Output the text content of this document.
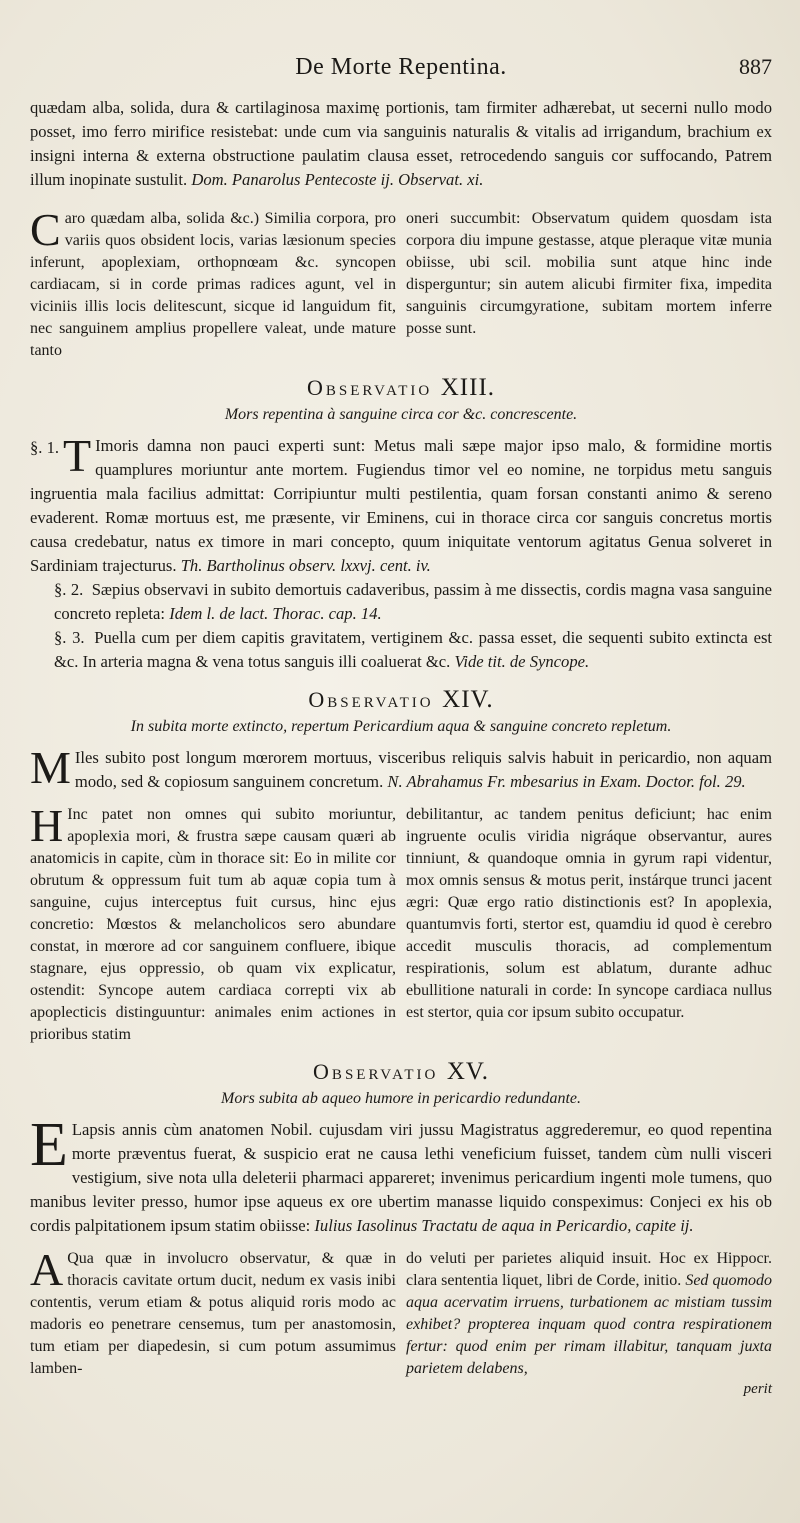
De Morte Repentina.	887

quædam alba, solida, dura & cartilaginosa maximę portionis, tam firmiter adhærebat, ut secerni nullo modo posset, imo ferro mirifice resistebat: unde cum via sanguinis naturalis & vitalis ad irrigandum, brachium ex insigni interna & externa obstructione paulatim clausa esset, retrocedendo sanguis cor suffocando, Patrem illum inopinate sustulit. Dom. Panarolus Pentecoste ij. Observat. xi.

C aro quædam alba, solida &c.) Similia corpora, pro variis quos obsident locis, varias læsionum species inferunt, apoplexiam, orthopnœam &c. syncopen cardiacam, si in corde primas radices agunt, vel in viciniis illis locis delitescunt, sicque id languidum fit, nec sanguinem amplius propellere valeat, unde mature tanto

oneri succumbit: Observatum quidem quosdam ista corpora diu impune gestasse, atque pleraque vitæ munia obiisse, ubi scil. mobilia sunt atque hinc inde disperguntur; sin autem alicubi firmiter fixa, impedita sanguinis circumgyratione, subitam mortem inferre posse sunt.

Observatio XIII.
Mors repentina à sanguine circa cor &c. concrescente.

§. 1. T Imoris damna non pauci experti sunt: Metus mali sæpe major ipso malo, & formidine mortis quamplures moriuntur ante mortem. Fugiendus timor vel eo nomine, ne torpidus metu sanguis ingruentia mala facilius admittat: Corripiuntur multi pestilentia, quam forsan constanti animo & sereno evaderent. Romæ mortuus est, me præsente, vir Eminens, cui in thorace circa cor sanguis concretus mortis causa credebatur, natus ex timore in mari concepto, quum iniquitate ventorum agitatus Genua solveret in Sardiniam trajecturus. Th. Bartholinus observ. lxxvj. cent. iv.

§. 2. Sæpius observavi in subito demortuis cadaveribus, passim à me dissectis, cordis magna vasa sanguine concreto repleta: Idem l. de lact. Thorac. cap. 14.

§. 3. Puella cum per diem capitis gravitatem, vertiginem &c. passa esset, die sequenti subito extincta est &c. In arteria magna & vena totus sanguis illi coaluerat &c. Vide tit. de Syncope.

Observatio XIV.
In subita morte extincto, repertum Pericardium aqua & sanguine concreto repletum.

M Iles subito post longum mœrorem mortuus, visceribus reliquis salvis habuit in pericardio, non aquam modo, sed & copiosum sanguinem concretum. N. Abrahamus Fr. mbesarius in Exam. Doctor. fol. 29.

H Inc patet non omnes qui subito moriuntur, apoplexia mori, & frustra sæpe causam quæri ab anatomicis in capite, cùm in thorace sit: Eo in milite cor obrutum & oppressum fuit tum ab aquæ copia tum à sanguine, cujus interceptus fuit cursus, hinc ejus concretio: Mœstos & melancholicos sero abundare constat, in mœrore ad cor sanguinem confluere, ibique stagnare, ejus oppressio, ob quam vix explicatur, ostendit: Syncope autem cardiaca correpti vix ab apoplecticis distinguuntur: animales enim actiones in prioribus statim

debilitantur, ac tandem penitus deficiunt; hac enim ingruente oculis viridia nigráque observantur, aures tinniunt, & quandoque omnia in gyrum rapi videntur, mox omnis sensus & motus perit, instárque trunci jacent ægri: Quæ ergo ratio distinctionis est? In apoplexia, quantumvis forti, stertor est, quamdiu id quod è cerebro accedit musculis thoracis, ad complementum respirationis, solum est ablatum, durante adhuc ebullitione naturali in corde: In syncope cardiaca nullus est stertor, quia cor ipsum subito occupatur.

Observatio XV.
Mors subita ab aqueo humore in pericardio redundante.

E Lapsis annis cùm anatomen Nobil. cujusdam viri jussu Magistratus aggrederemur, eo quod repentina morte præventus fuerat, & suspicio erat ne causa lethi veneficium fuisset, tandem cùm nulli visceri vestigium, sive nota ulla deleterii pharmaci appareret; invenimus pericardium ingenti mole tumens, quo manibus leviter presso, humor ipse aqueus ex ore ubertim manasse liquido conspeximus: Conjeci ex his ob cordis palpitationem ipsum statim obiisse: Iulius Iasolinus Tractatu de aqua in Pericardio, capite ij.

A Qua quæ in involucro observatur, & quæ in thoracis cavitate ortum ducit, nedum ex vasis inibi contentis, verum etiam & potus aliquid roris modo ac madoris eo penetrare censemus, tum per anastomosin, tum etiam per diapedesin, si cum potum assumimus lamben-

do veluti per parietes aliquid insuit. Hoc ex Hippocr. clara sententia liquet, libri de Corde, initio. Sed quomodo aqua acervatim irruens, turbationem ac mistiam tussim exhibet? propterea inquam quod contra respirationem fertur: quod enim per rimam illabitur, tanquam juxta parietem delabens,

perit
